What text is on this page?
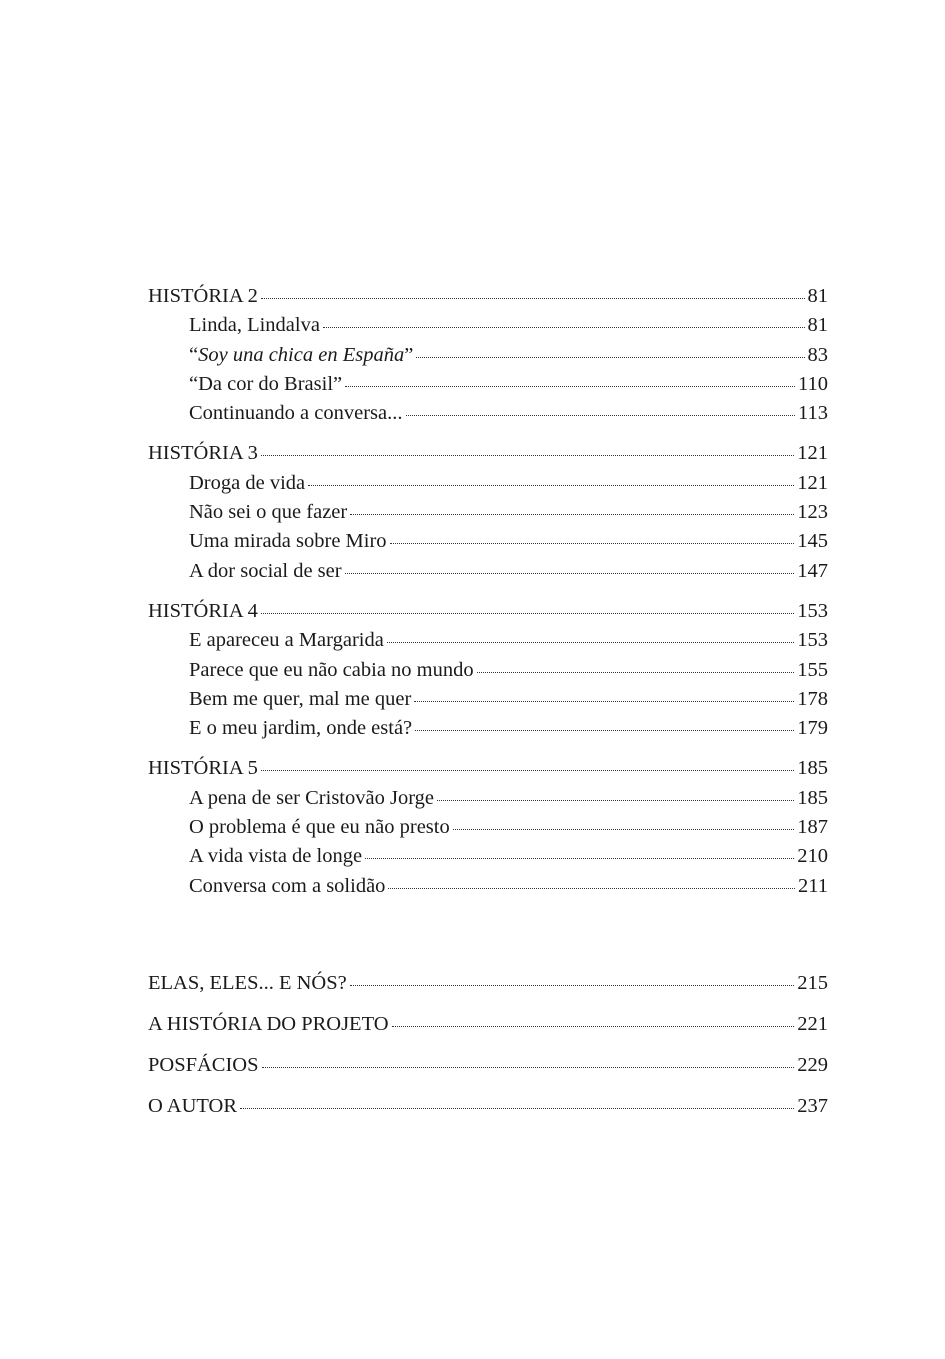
HISTÓRIA 2	81
Linda, Lindalva	81
“Soy una chica en España”	83
“Da cor do Brasil”	110
Continuando a conversa...	113
HISTÓRIA 3	121
Droga de vida	121
Não sei o que fazer	123
Uma mirada sobre Miro	145
A dor social de ser	147
HISTÓRIA 4	153
E apareceu a Margarida	153
Parece que eu não cabia no mundo	155
Bem me quer, mal me quer	178
E o meu jardim, onde está?	179
HISTÓRIA 5	185
A pena de ser Cristovão Jorge	185
O problema é que eu não presto	187
A vida vista de longe	210
Conversa com a solidão	211
ELAS, ELES... E NÓS?	215
A HISTÓRIA DO PROJETO	221
POSFÁCIOS	229
O AUTOR	237
